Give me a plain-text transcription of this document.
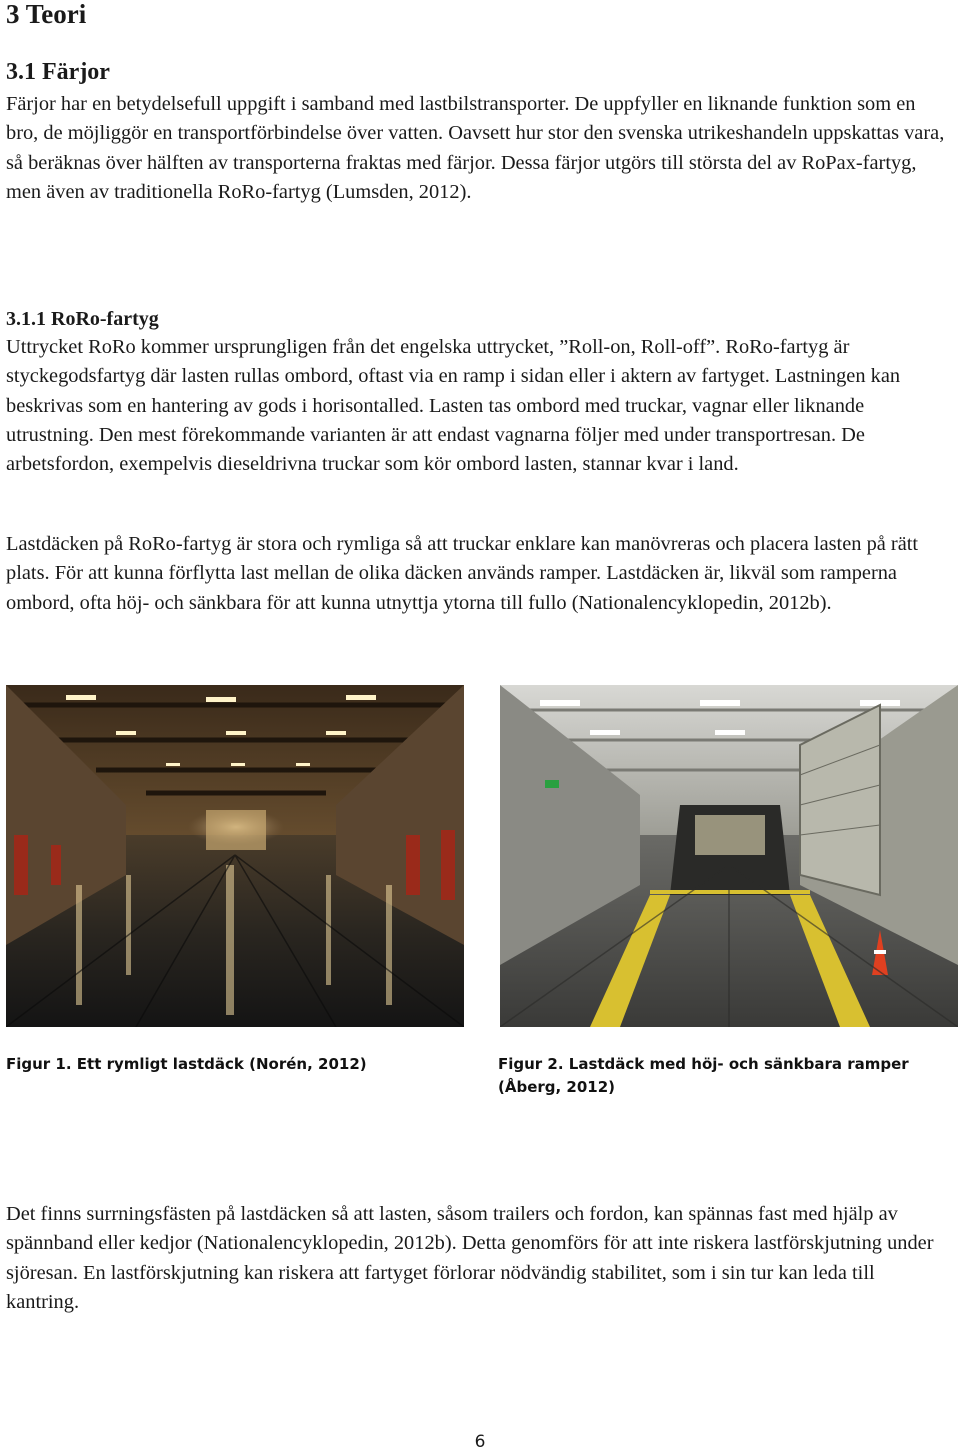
3 Teori
3.1 Färjor

Färjor har en betydelsefull uppgift i samband med lastbilstransporter. De uppfyller en liknande funktion som en bro, de möjliggör en transportförbindelse över vatten. Oavsett hur stor den svenska utrikeshandeln uppskattas vara, så beräknas över hälften av transporterna fraktas med färjor. Dessa färjor utgörs till största del av RoPax-fartyg, men även av traditionella RoRo-fartyg (Lumsden, 2012).

3.1.1 RoRo-fartyg

Uttrycket RoRo kommer ursprungligen från det engelska uttrycket, ”Roll-on, Roll-off”. RoRo-fartyg är styckegodsfartyg där lasten rullas ombord, oftast via en ramp i sidan eller i aktern av fartyget. Lastningen kan beskrivas som en hantering av gods i horisontalled. Lasten tas ombord med truckar, vagnar eller liknande utrustning. Den mest förekommande varianten är att endast vagnarna följer med under transportresan. De arbetsfordon, exempelvis dieseldrivna truckar som kör ombord lasten, stannar kvar i land.

Lastdäcken på RoRo-fartyg är stora och rymliga så att truckar enklare kan manövreras och placera lasten på rätt plats. För att kunna förflytta last mellan de olika däcken används ramper. Lastdäcken är, likväl som ramperna ombord, ofta höj- och sänkbara för att kunna utnyttja ytorna till fullo (Nationalencyklopedin, 2012b).

Figur 1. Ett rymligt lastdäck (Norén, 2012)	Figur 2. Lastdäck med höj- och sänkbara ramper (Åberg, 2012)

Det finns surrningsfästen på lastdäcken så att lasten, såsom trailers och fordon, kan spännas fast med hjälp av spännband eller kedjor (Nationalencyklopedin, 2012b). Detta genomförs för att inte riskera lastförskjutning under sjöresan. En lastförskjutning kan riskera att fartyget förlorar nödvändig stabilitet, som i sin tur kan leda till kantring.

6
